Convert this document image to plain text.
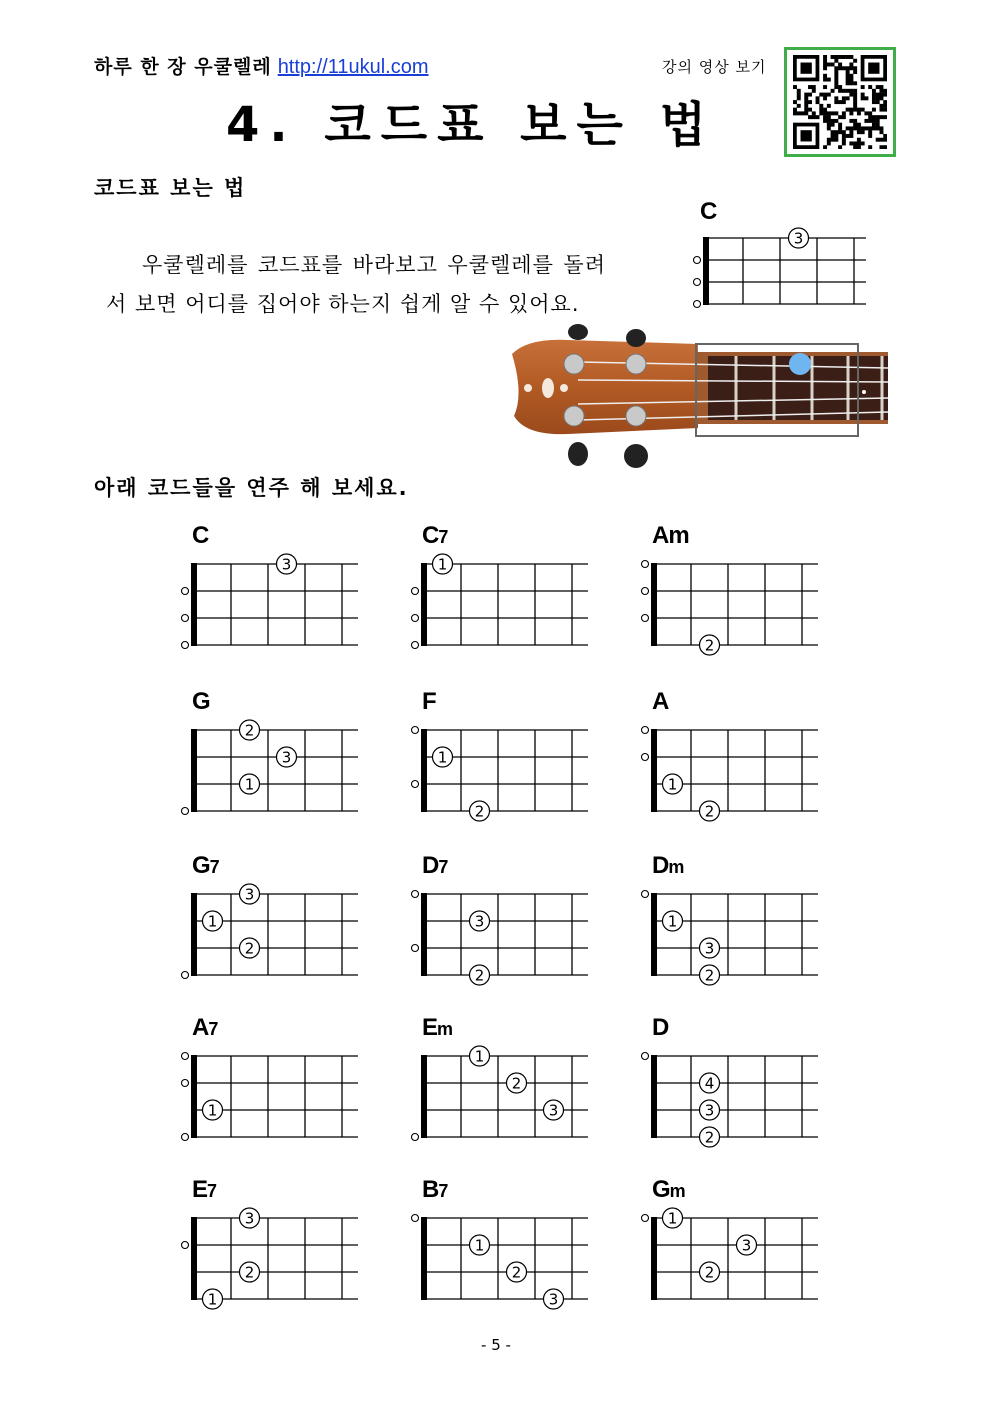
하루 한 장 우쿨렐레 http://11ukul.com	강의 영상 보기
4. 코드표 보는 법
코드표 보는 법
우쿨렐레를 코드표를 바라보고 우쿨렐레를 돌려서 보면 어디를 집어야 하는지 쉽게 알 수 있어요.
C
3
아래 코드들을 연주 해 보세요.
C
3
C7
1
Am
2
G
2
3
1
F
1
2
A
1
2
G7
3
1
2
D7
3
2
Dm
1
3
2
A7
1
Em
1
2
3
D
4
3
2
E7
3
2
1
B7
1
2
3
Gm
1
3
2
- 5 -
